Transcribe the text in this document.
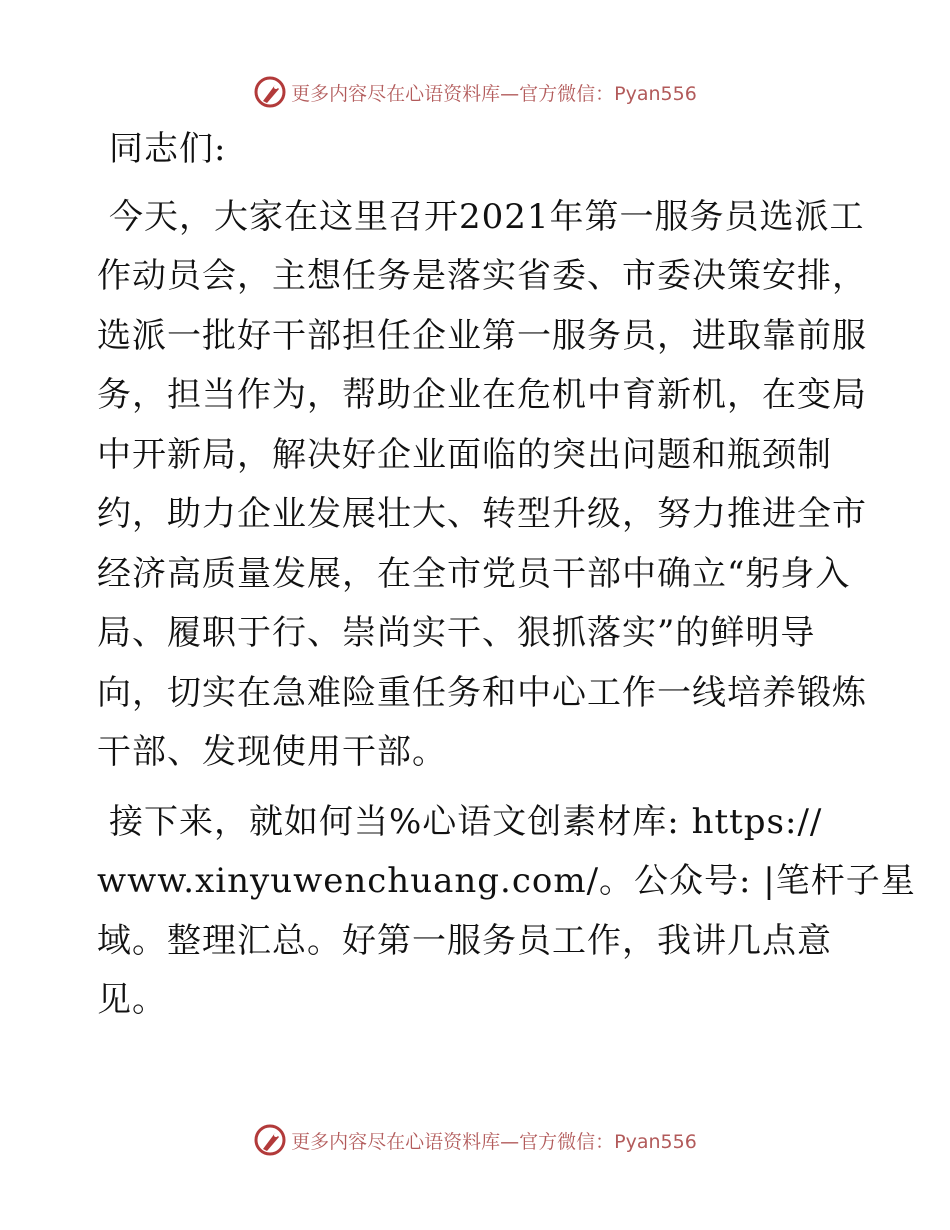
更多内容尽在心语资料库—官方微信：Pyan556

同志们:

今天，大家在这里召开2021年第一服务员选派工
作动员会，主想任务是落实省委、市委决策安排，
选派一批好干部担任企业第一服务员，进取靠前服
务，担当作为，帮助企业在危机中育新机，在变局
中开新局，解决好企业面临的突出问题和瓶颈制
约，助力企业发展壮大、转型升级，努力推进全市
经济高质量发展，在全市党员干部中确立“躬身入
局、履职于行、崇尚实干、狠抓落实”的鲜明导
向，切实在急难险重任务和中心工作一线培养锻炼
干部、发现使用干部。

接下来，就如何当%心语文创素材库: https://
www.xinyuwenchuang.com/。公众号: |笔杆子星
域。整理汇总。好第一服务员工作，我讲几点意
见。

更多内容尽在心语资料库—官方微信：Pyan556
